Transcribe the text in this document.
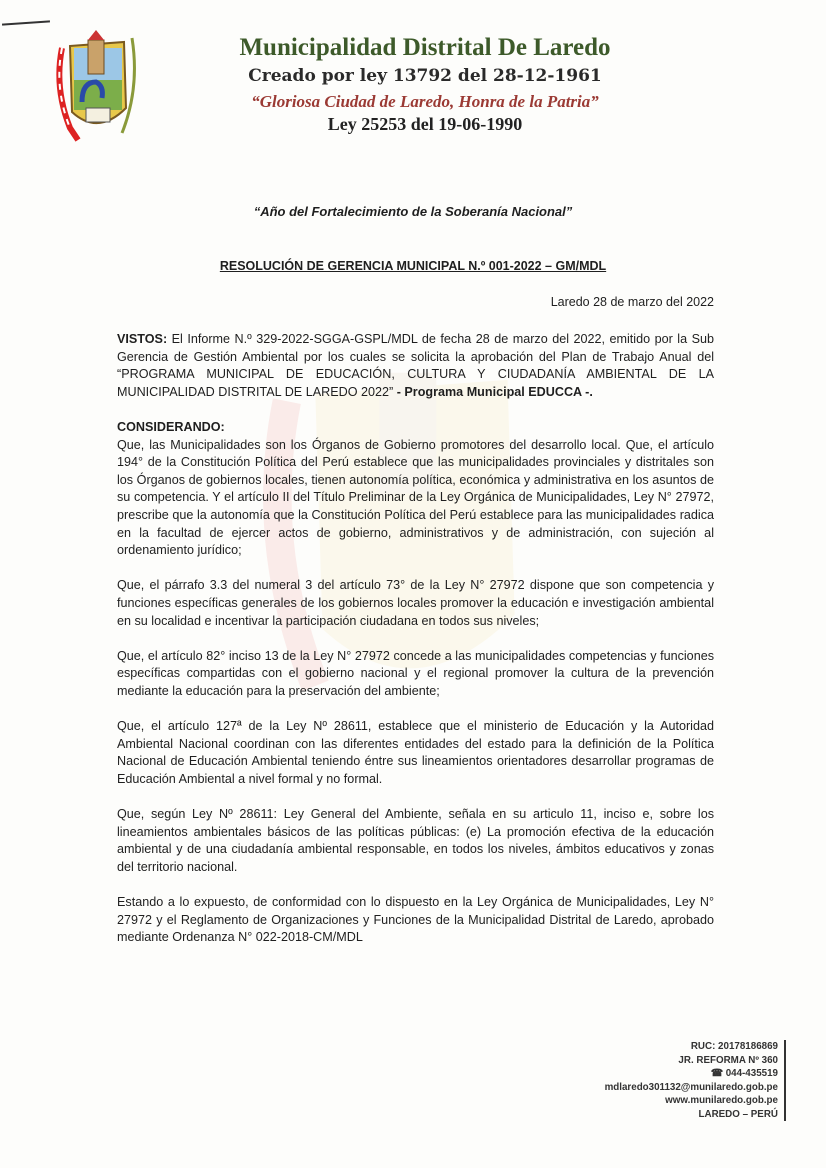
Municipalidad Distrital De Laredo
Creado por ley 13792 del 28-12-1961
“Gloriosa Ciudad de Laredo, Honra de la Patria”
Ley 25253 del 19-06-1990
“Año del Fortalecimiento de la Soberanía Nacional”
RESOLUCIÓN DE GERENCIA MUNICIPAL N.º 001-2022 – GM/MDL
Laredo 28 de marzo del 2022

VISTOS: El Informe N.º 329-2022-SGGA-GSPL/MDL de fecha 28 de marzo del 2022, emitido por la Sub Gerencia de Gestión Ambiental por los cuales se solicita la aprobación del Plan de Trabajo Anual del “PROGRAMA MUNICIPAL DE EDUCACIÓN, CULTURA Y CIUDADANÍA AMBIENTAL DE LA MUNICIPALIDAD DISTRITAL DE LAREDO 2022” - Programa Municipal EDUCCA -.

CONSIDERANDO:

Que, las Municipalidades son los Órganos de Gobierno promotores del desarrollo local. Que, el artículo 194° de la Constitución Política del Perú establece que las municipalidades provinciales y distritales son los Órganos de gobiernos locales, tienen autonomía política, económica y administrativa en los asuntos de su competencia. Y el artículo II del Título Preliminar de la Ley Orgánica de Municipalidades, Ley N° 27972, prescribe que la autonomía que la Constitución Política del Perú establece para las municipalidades radica en la facultad de ejercer actos de gobierno, administrativos y de administración, con sujeción al ordenamiento jurídico;

Que, el párrafo 3.3 del numeral 3 del artículo 73° de la Ley N° 27972 dispone que son competencia y funciones específicas generales de los gobiernos locales promover la educación e investigación ambiental en su localidad e incentivar la participación ciudadana en todos sus niveles;

Que, el artículo 82° inciso 13 de la Ley N° 27972 concede a las municipalidades competencias y funciones específicas compartidas con el gobierno nacional y el regional promover la cultura de la prevención mediante la educación para la preservación del ambiente;

Que, el artículo 127ª de la Ley Nº 28611, establece que el ministerio de Educación y la Autoridad Ambiental Nacional coordinan con las diferentes entidades del estado para la definición de la Política Nacional de Educación Ambiental teniendo éntre sus lineamientos orientadores desarrollar programas de Educación Ambiental a nivel formal y no formal.

Que, según Ley Nº 28611: Ley General del Ambiente, señala en su articulo 11, inciso e, sobre los lineamientos ambientales básicos de las políticas públicas: (e) La promoción efectiva de la educación ambiental y de una ciudadanía ambiental responsable, en todos los niveles, ámbitos educativos y zonas del territorio nacional.

Estando a lo expuesto, de conformidad con lo dispuesto en la Ley Orgánica de Municipalidades, Ley N° 27972 y el Reglamento de Organizaciones y Funciones de la Municipalidad Distrital de Laredo, aprobado mediante Ordenanza N° 022-2018-CM/MDL

RUC: 20178186869
JR. REFORMA Nº 360
☎ 044-435519
mdlaredo301132@munilaredo.gob.pe
www.munilaredo.gob.pe
LAREDO – PERÚ
